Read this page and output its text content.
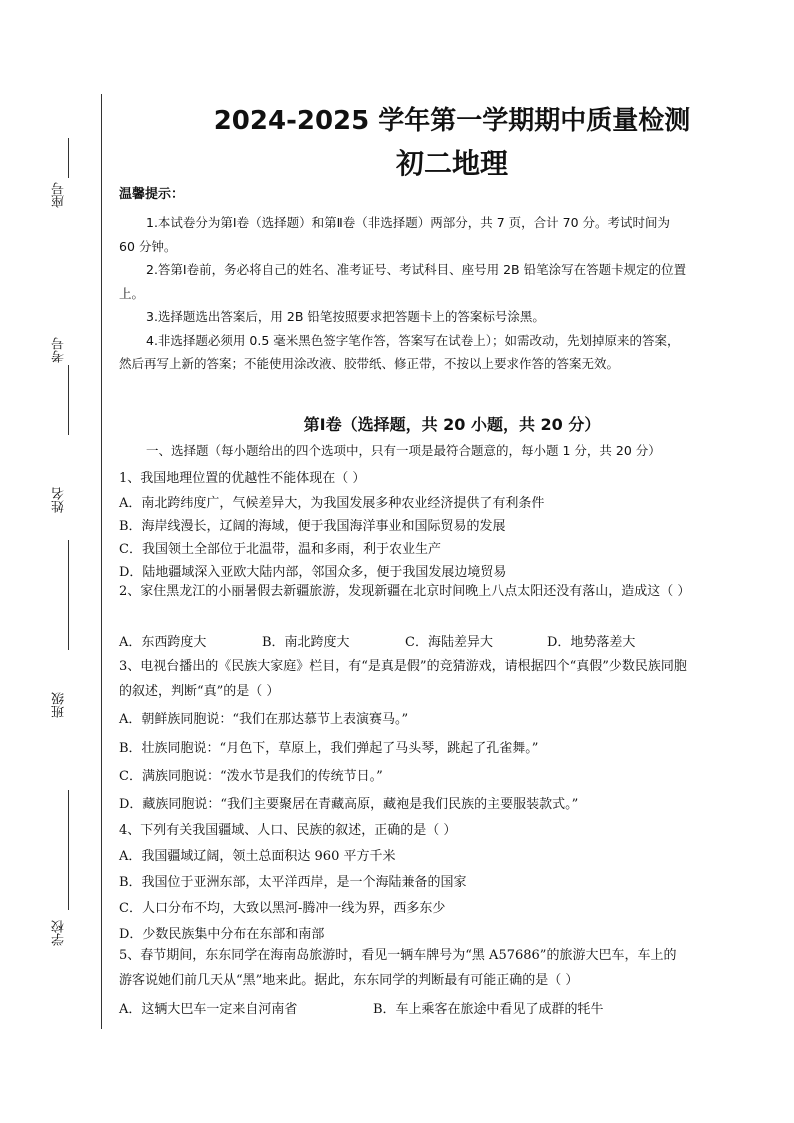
座号
考号
姓名
班级
学校
2024-2025 学年第一学期期中质量检测
初二地理
温馨提示：

1.本试卷分为第Ⅰ卷（选择题）和第Ⅱ卷（非选择题）两部分，共 7 页，合计 70 分。考试时间为 60 分钟。

2.答第Ⅰ卷前，务必将自己的姓名、准考证号、考试科目、座号用 2B 铅笔涂写在答题卡规定的位置上。

3.选择题选出答案后，用 2B 铅笔按照要求把答题卡上的答案标号涂黑。

4.非选择题必须用 0.5 毫米黑色签字笔作答，答案写在试卷上）；如需改动，先划掉原来的答案，然后再写上新的答案；不能使用涂改液、胶带纸、修正带，不按以上要求作答的答案无效。

第Ⅰ卷（选择题，共 20 小题，共 20 分）
一、选择题（每小题给出的四个选项中，只有一项是最符合题意的，每小题 1 分，共 20 分）
1、我国地理位置的优越性不能体现在（ ）
A．南北跨纬度广，气候差异大，为我国发展多种农业经济提供了有利条件
B．海岸线漫长，辽阔的海域，便于我国海洋事业和国际贸易的发展
C．我国领土全部位于北温带，温和多雨，利于农业生产
D．陆地疆域深入亚欧大陆内部，邻国众多，便于我国发展边境贸易
2、家住黑龙江的小丽暑假去新疆旅游，发现新疆在北京时间晚上八点太阳还没有落山，造成这（ ）
A．东西跨度大	B．南北跨度大	C．海陆差异大	D．地势落差大
3、电视台播出的《民族大家庭》栏目，有“是真是假”的竞猜游戏，请根据四个“真假”少数民族同胞的叙述，判断“真”的是（ ）
A．朝鲜族同胞说：“我们在那达慕节上表演赛马。”
B．壮族同胞说：“月色下，草原上，我们弹起了马头琴，跳起了孔雀舞。”
C．满族同胞说：“泼水节是我们的传统节日。”
D．藏族同胞说：“我们主要聚居在青藏高原，藏袍是我们民族的主要服装款式。”
4、下列有关我国疆域、人口、民族的叙述，正确的是（ ）
A．我国疆域辽阔，领土总面积达 960 平方千米
B．我国位于亚洲东部，太平洋西岸，是一个海陆兼备的国家
C．人口分布不均，大致以黑河-腾冲一线为界，西多东少
D．少数民族集中分布在东部和南部
5、春节期间，东东同学在海南岛旅游时，看见一辆车牌号为“黑 A57686”的旅游大巴车，车上的游客说她们前几天从“黑”地来此。据此，东东同学的判断最有可能正确的是（ ）
A．这辆大巴车一定来自河南省	B．车上乘客在旅途中看见了成群的牦牛
